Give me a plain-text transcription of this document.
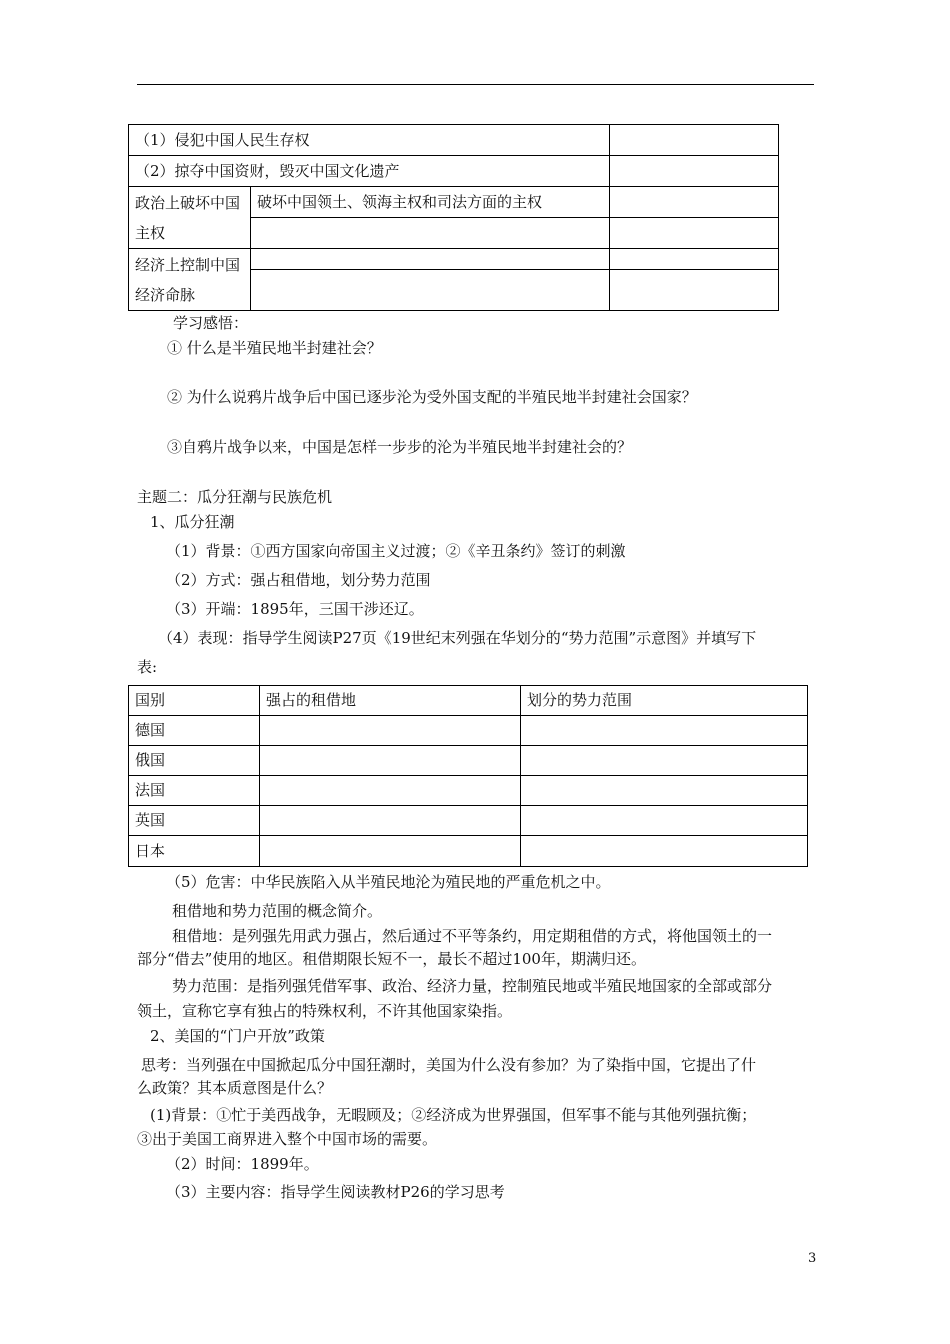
（1）侵犯中国人民生存权		
（2）掠夺中国资财，毁灭中国文化遗产		
政治上破坏中国主权	破坏中国领土、领海主权和司法方面的主权	

经济上控制中国经济命脉		

学习感悟：
① 什么是半殖民地半封建社会？
② 为什么说鸦片战争后中国已逐步沦为受外国支配的半殖民地半封建社会国家？
③自鸦片战争以来，中国是怎样一步步的沦为半殖民地半封建社会的？
主题二：瓜分狂潮与民族危机
1、瓜分狂潮
（1）背景：①西方国家向帝国主义过渡；②《辛丑条约》签订的刺激
（2）方式：强占租借地，划分势力范围
（3）开端：1895年，三国干涉还辽。
（4）表现：指导学生阅读P27页《19世纪末列强在华划分的“势力范围”示意图》并填写下
表:
国别	强占的租借地	划分的势力范围
德国		
俄国		
法国		
英国		
日本		
（5）危害：中华民族陷入从半殖民地沦为殖民地的严重危机之中。
租借地和势力范围的概念简介。
租借地：是列强先用武力强占，然后通过不平等条约，用定期租借的方式，将他国领土的一
部分“借去”使用的地区。租借期限长短不一，最长不超过100年，期满归还。
势力范围：是指列强凭借军事、政治、经济力量，控制殖民地或半殖民地国家的全部或部分
领土，宣称它享有独占的特殊权利，不许其他国家染指。
2、美国的“门户开放”政策
思考：当列强在中国掀起瓜分中国狂潮时，美国为什么没有参加？为了染指中国，它提出了什
么政策？其本质意图是什么？
(1)背景：①忙于美西战争，无暇顾及；②经济成为世界强国，但军事不能与其他列强抗衡；
③出于美国工商界进入整个中国市场的需要。
（2）时间：1899年。
（3）主要内容：指导学生阅读教材P26的学习思考
3
